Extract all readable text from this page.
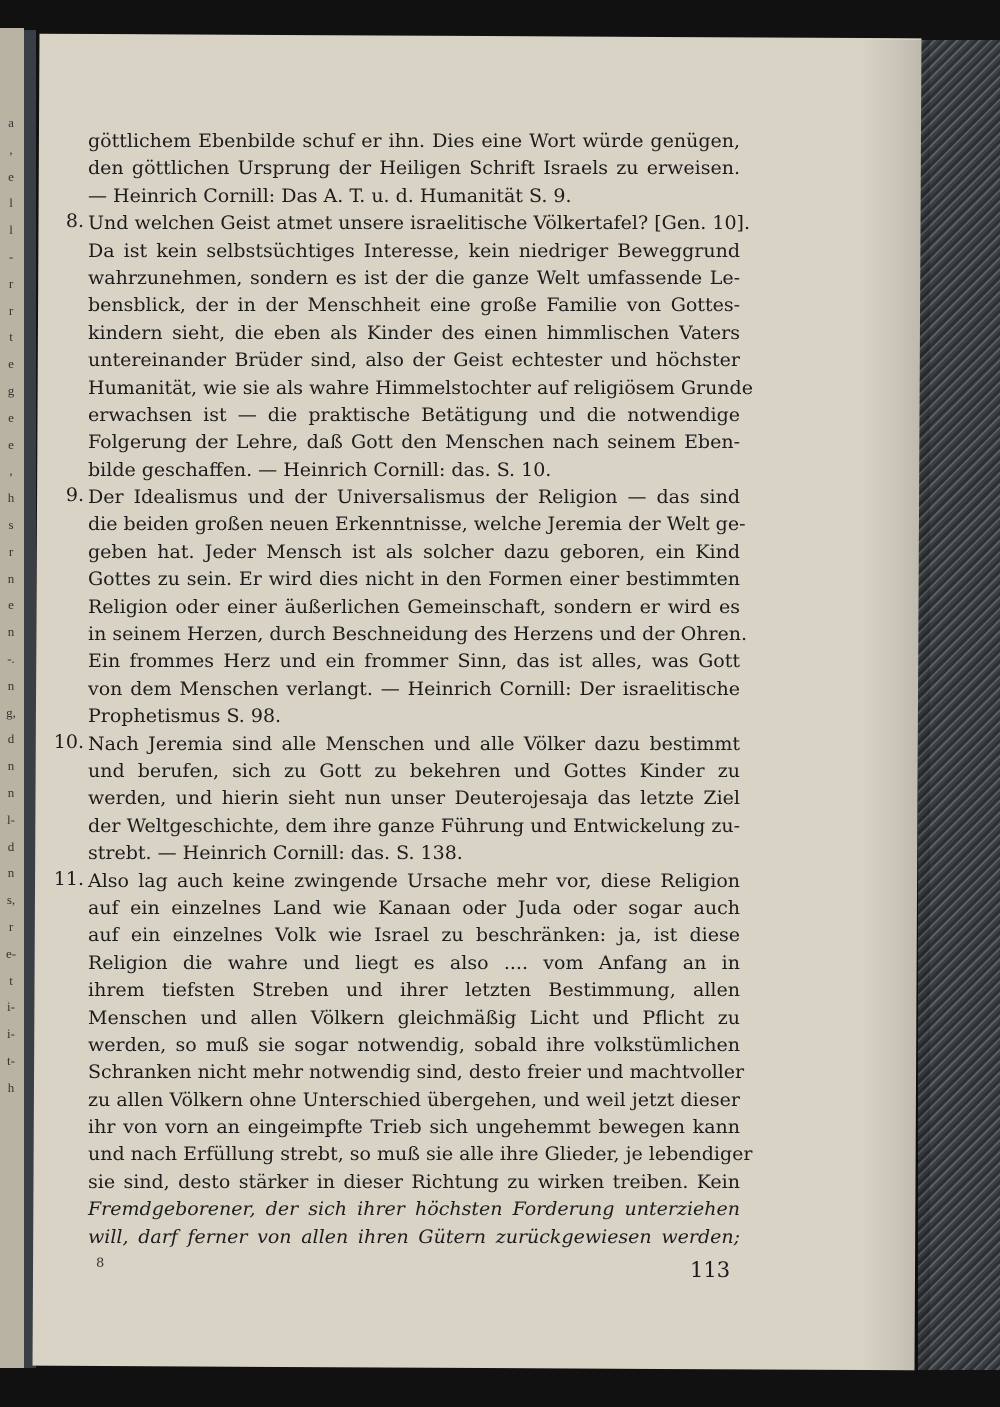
a
,
e
l
l
-
r
r
t
e
g
e
e
,
h
s
r
n
e
n
-.
n
g,
d
n
n
l-
d
n
s,
r
e-
t
i-
i-
t-
h
göttlichem Ebenbilde schuf er ihn. Dies eine Wort würde genügen,
den göttlichen Ursprung der Heiligen Schrift Israels zu erweisen.
— Heinrich Cornill: Das A. T. u. d. Humanität S. 9.
8. Und welchen Geist atmet unsere israelitische Völkertafel? [Gen. 10].
Da ist kein selbstsüchtiges Interesse, kein niedriger Beweggrund
wahrzunehmen, sondern es ist der die ganze Welt umfassende Le-
bensblick, der in der Menschheit eine große Familie von Gottes-
kindern sieht, die eben als Kinder des einen himmlischen Vaters
untereinander Brüder sind, also der Geist echtester und höchster
Humanität, wie sie als wahre Himmelstochter auf religiösem Grunde
erwachsen ist — die praktische Betätigung und die notwendige
Folgerung der Lehre, daß Gott den Menschen nach seinem Eben-
bilde geschaffen. — Heinrich Cornill: das. S. 10.
9. Der Idealismus und der Universalismus der Religion — das sind
die beiden großen neuen Erkenntnisse, welche Jeremia der Welt ge-
geben hat. Jeder Mensch ist als solcher dazu geboren, ein Kind
Gottes zu sein. Er wird dies nicht in den Formen einer bestimmten
Religion oder einer äußerlichen Gemeinschaft, sondern er wird es
in seinem Herzen, durch Beschneidung des Herzens und der Ohren.
Ein frommes Herz und ein frommer Sinn, das ist alles, was Gott
von dem Menschen verlangt. — Heinrich Cornill: Der israelitische
Prophetismus S. 98.
10. Nach Jeremia sind alle Menschen und alle Völker dazu bestimmt
und berufen, sich zu Gott zu bekehren und Gottes Kinder zu
werden, und hierin sieht nun unser Deuterojesaja das letzte Ziel
der Weltgeschichte, dem ihre ganze Führung und Entwickelung zu-
strebt. — Heinrich Cornill: das. S. 138.
11. Also lag auch keine zwingende Ursache mehr vor, diese Religion
auf ein einzelnes Land wie Kanaan oder Juda oder sogar auch
auf ein einzelnes Volk wie Israel zu beschränken: ja, ist diese
Religion die wahre und liegt es also .... vom Anfang an in
ihrem tiefsten Streben und ihrer letzten Bestimmung, allen
Menschen und allen Völkern gleichmäßig Licht und Pflicht zu
werden, so muß sie sogar notwendig, sobald ihre volkstümlichen
Schranken nicht mehr notwendig sind, desto freier und machtvoller
zu allen Völkern ohne Unterschied übergehen, und weil jetzt dieser
ihr von vorn an eingeimpfte Trieb sich ungehemmt bewegen kann
und nach Erfüllung strebt, so muß sie alle ihre Glieder, je lebendiger
sie sind, desto stärker in dieser Richtung zu wirken treiben. Kein
Fremdgeborener, der sich ihrer höchsten Forderung unterziehen
will, darf ferner von allen ihren Gütern zurückgewiesen werden;
8	113
